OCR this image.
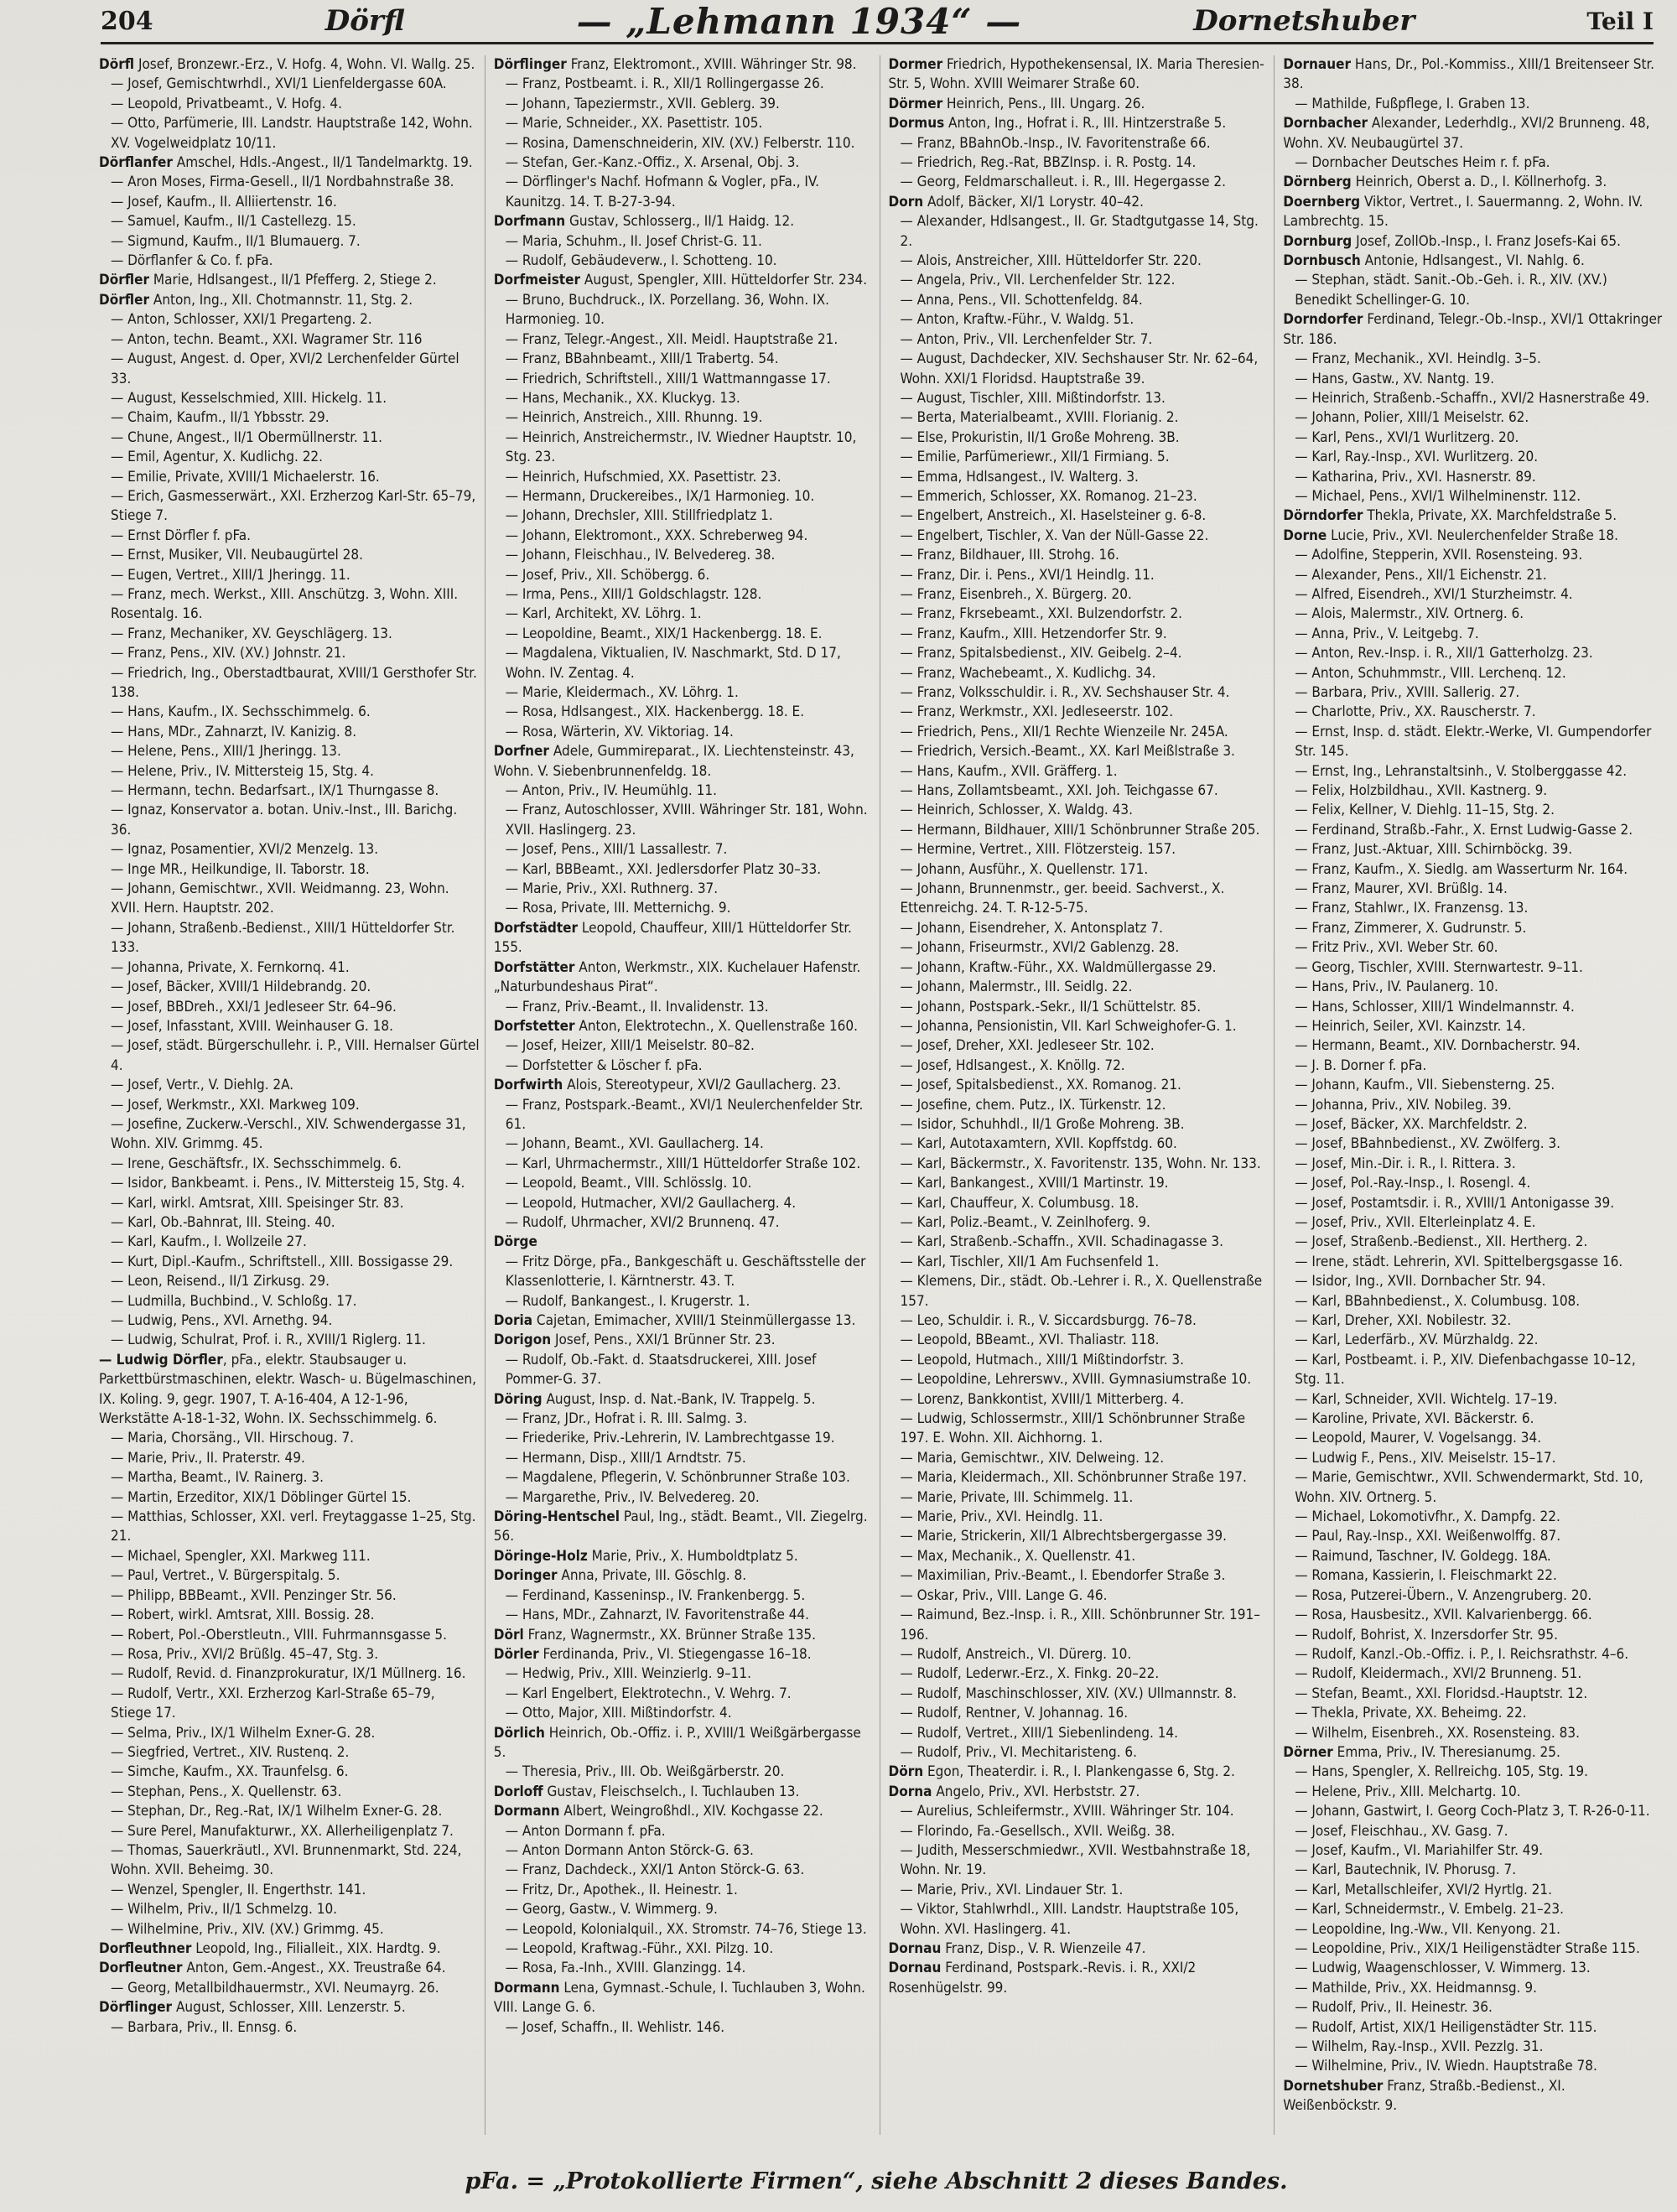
204	Dörfl	— „Lehmann 1934“ —	Dornetshuber	Teil I

Dörfl Josef, Bronzewr.-Erz., V. Hofg. 4, Wohn. VI. Wallg. 25.

— Josef, Gemischtwrhdl., XVI/1 Lienfeldergasse 60A.

— Leopold, Privatbeamt., V. Hofg. 4.

— Otto, Parfümerie, III. Landstr. Hauptstraße 142, Wohn. XV. Vogelweidplatz 10/11.

Dörflanfer Amschel, Hdls.-Angest., II/1 Tandelmarktg. 19.

— Aron Moses, Firma-Gesell., II/1 Nordbahnstraße 38.

— Josef, Kaufm., II. Alliiertenstr. 16.

— Samuel, Kaufm., II/1 Castellezg. 15.

— Sigmund, Kaufm., II/1 Blumauerg. 7.

— Dörflanfer & Co. f. pFa.

Dörfler Marie, Hdlsangest., II/1 Pfefferg. 2, Stiege 2.

Dörfler Anton, Ing., XII. Chotmannstr. 11, Stg. 2.

— Anton, Schlosser, XXI/1 Pregarteng. 2.

— Anton, techn. Beamt., XXI. Wagramer Str. 116

— August, Angest. d. Oper, XVI/2 Lerchenfelder Gürtel 33.

— August, Kesselschmied, XIII. Hickelg. 11.

— Chaim, Kaufm., II/1 Ybbsstr. 29.

— Chune, Angest., II/1 Obermüllnerstr. 11.

— Emil, Agentur, X. Kudlichg. 22.

— Emilie, Private, XVIII/1 Michaelerstr. 16.

— Erich, Gasmesserwärt., XXI. Erzherzog Karl-Str. 65–79, Stiege 7.

— Ernst Dörfler f. pFa.

— Ernst, Musiker, VII. Neubaugürtel 28.

— Eugen, Vertret., XIII/1 Jheringg. 11.

— Franz, mech. Werkst., XIII. Anschützg. 3, Wohn. XIII. Rosentalg. 16.

— Franz, Mechaniker, XV. Geyschlägerg. 13.

— Franz, Pens., XIV. (XV.) Johnstr. 21.

— Friedrich, Ing., Oberstadtbaurat, XVIII/1 Gersthofer Str. 138.

— Hans, Kaufm., IX. Sechsschimmelg. 6.

— Hans, MDr., Zahnarzt, IV. Kanizig. 8.

— Helene, Pens., XIII/1 Jheringg. 13.

— Helene, Priv., IV. Mittersteig 15, Stg. 4.

— Hermann, techn. Bedarfsart., IX/1 Thurngasse 8.

— Ignaz, Konservator a. botan. Univ.-Inst., III. Barichg. 36.

— Ignaz, Posamentier, XVI/2 Menzelg. 13.

— Inge MR., Heilkundige, II. Taborstr. 18.

— Johann, Gemischtwr., XVII. Weidmanng. 23, Wohn. XVII. Hern. Hauptstr. 202.

— Johann, Straßenb.-Bedienst., XIII/1 Hütteldorfer Str. 133.

— Johanna, Private, X. Fernkornq. 41.

— Josef, Bäcker, XVIII/1 Hildebrandg. 20.

— Josef, BBDreh., XXI/1 Jedleseer Str. 64–96.

— Josef, Infasstant, XVIII. Weinhauser G. 18.

— Josef, städt. Bürgerschullehr. i. P., VIII. Hernalser Gürtel 4.

— Josef, Vertr., V. Diehlg. 2A.

— Josef, Werkmstr., XXI. Markweg 109.

— Josefine, Zuckerw.-Verschl., XIV. Schwendergasse 31, Wohn. XIV. Grimmg. 45.

— Irene, Geschäftsfr., IX. Sechsschimmelg. 6.

— Isidor, Bankbeamt. i. Pens., IV. Mittersteig 15, Stg. 4.

— Karl, wirkl. Amtsrat, XIII. Speisinger Str. 83.

— Karl, Ob.-Bahnrat, III. Steing. 40.

— Karl, Kaufm., I. Wollzeile 27.

— Kurt, Dipl.-Kaufm., Schriftstell., XIII. Bossigasse 29.

— Leon, Reisend., II/1 Zirkusg. 29.

— Ludmilla, Buchbind., V. Schloßg. 17.

— Ludwig, Pens., XVI. Arnethg. 94.

— Ludwig, Schulrat, Prof. i. R., XVIII/1 Riglerg. 11.

— Ludwig Dörfler, pFa., elektr. Staubsauger u. Parkettbürstmaschinen, elektr. Wasch- u. Bügelmaschinen, IX. Koling. 9, gegr. 1907, T. A-16-404, A 12-1-96, Werkstätte A-18-1-32, Wohn. IX. Sechsschimmelg. 6.

— Maria, Chorsäng., VII. Hirschoug. 7.

— Marie, Priv., II. Praterstr. 49.

— Martha, Beamt., IV. Rainerg. 3.

— Martin, Erzeditor, XIX/1 Döblinger Gürtel 15.

— Matthias, Schlosser, XXI. verl. Freytaggasse 1–25, Stg. 21.

— Michael, Spengler, XXI. Markweg 111.

— Paul, Vertret., V. Bürgerspitalg. 5.

— Philipp, BBBeamt., XVII. Penzinger Str. 56.

— Robert, wirkl. Amtsrat, XIII. Bossig. 28.

— Robert, Pol.-Oberstleutn., VIII. Fuhrmannsgasse 5.

— Rosa, Priv., XVI/2 Brüßlg. 45–47, Stg. 3.

— Rudolf, Revid. d. Finanzprokuratur, IX/1 Müllnerg. 16.

— Rudolf, Vertr., XXI. Erzherzog Karl-Straße 65–79, Stiege 17.

— Selma, Priv., IX/1 Wilhelm Exner-G. 28.

— Siegfried, Vertret., XIV. Rustenq. 2.

— Simche, Kaufm., XX. Traunfelsg. 6.

— Stephan, Pens., X. Quellenstr. 63.

— Stephan, Dr., Reg.-Rat, IX/1 Wilhelm Exner-G. 28.

— Sure Perel, Manufakturwr., XX. Allerheiligenplatz 7.

— Thomas, Sauerkräutl., XVI. Brunnenmarkt, Std. 224, Wohn. XVII. Beheimg. 30.

— Wenzel, Spengler, II. Engerthstr. 141.

— Wilhelm, Priv., II/1 Schmelzg. 10.

— Wilhelmine, Priv., XIV. (XV.) Grimmg. 45.

Dorfleuthner Leopold, Ing., Filialleit., XIX. Hardtg. 9.

Dorfleutner Anton, Gem.-Angest., XX. Treustraße 64.

— Georg, Metallbildhauermstr., XVI. Neumayrg. 26.

Dörflinger August, Schlosser, XIII. Lenzerstr. 5.

— Barbara, Priv., II. Ennsg. 6.

Dörflinger Franz, Elektromont., XVIII. Währinger Str. 98.

— Franz, Postbeamt. i. R., XII/1 Rollingergasse 26.

— Johann, Tapeziermstr., XVII. Geblerg. 39.

— Marie, Schneider., XX. Pasettistr. 105.

— Rosina, Damenschneiderin, XIV. (XV.) Felberstr. 110.

— Stefan, Ger.-Kanz.-Offiz., X. Arsenal, Obj. 3.

— Dörflinger's Nachf. Hofmann & Vogler, pFa., IV. Kaunitzg. 14. T. B-27-3-94.

Dorfmann Gustav, Schlosserg., II/1 Haidg. 12.

— Maria, Schuhm., II. Josef Christ-G. 11.

— Rudolf, Gebäudeverw., I. Schotteng. 10.

Dorfmeister August, Spengler, XIII. Hütteldorfer Str. 234.

— Bruno, Buchdruck., IX. Porzellang. 36, Wohn. IX. Harmonieg. 10.

— Franz, Telegr.-Angest., XII. Meidl. Hauptstraße 21.

— Franz, BBahnbeamt., XIII/1 Trabertg. 54.

— Friedrich, Schriftstell., XIII/1 Wattmanngasse 17.

— Hans, Mechanik., XX. Kluckyg. 13.

— Heinrich, Anstreich., XIII. Rhunng. 19.

— Heinrich, Anstreichermstr., IV. Wiedner Hauptstr. 10, Stg. 23.

— Heinrich, Hufschmied, XX. Pasettistr. 23.

— Hermann, Druckereibes., IX/1 Harmonieg. 10.

— Johann, Drechsler, XIII. Stillfriedplatz 1.

— Johann, Elektromont., XXX. Schreberweg 94.

— Johann, Fleischhau., IV. Belvedereg. 38.

— Josef, Priv., XII. Schöbergg. 6.

— Irma, Pens., XIII/1 Goldschlagstr. 128.

— Karl, Architekt, XV. Löhrg. 1.

— Leopoldine, Beamt., XIX/1 Hackenbergg. 18. E.

— Magdalena, Viktualien, IV. Naschmarkt, Std. D 17, Wohn. IV. Zentag. 4.

— Marie, Kleidermach., XV. Löhrg. 1.

— Rosa, Hdlsangest., XIX. Hackenbergg. 18. E.

— Rosa, Wärterin, XV. Viktoriag. 14.

Dorfner Adele, Gummireparat., IX. Liechtensteinstr. 43, Wohn. V. Siebenbrunnenfeldg. 18.

— Anton, Priv., IV. Heumühlg. 11.

— Franz, Autoschlosser, XVIII. Währinger Str. 181, Wohn. XVII. Haslingerg. 23.

— Josef, Pens., XIII/1 Lassallestr. 7.

— Karl, BBBeamt., XXI. Jedlersdorfer Platz 30–33.

— Marie, Priv., XXI. Ruthnerg. 37.

— Rosa, Private, III. Metternichg. 9.

Dorfstädter Leopold, Chauffeur, XIII/1 Hütteldorfer Str. 155.

Dorfstätter Anton, Werkmstr., XIX. Kuchelauer Hafenstr. „Naturbundeshaus Pirat“.

— Franz, Priv.-Beamt., II. Invalidenstr. 13.

Dorfstetter Anton, Elektrotechn., X. Quellenstraße 160.

— Josef, Heizer, XIII/1 Meiselstr. 80–82.

— Dorfstetter & Löscher f. pFa.

Dorfwirth Alois, Stereotypeur, XVI/2 Gaullacherg. 23.

— Franz, Postspark.-Beamt., XVI/1 Neulerchenfelder Str. 61.

— Johann, Beamt., XVI. Gaullacherg. 14.

— Karl, Uhrmachermstr., XIII/1 Hütteldorfer Straße 102.

— Leopold, Beamt., VIII. Schlösslg. 10.

— Leopold, Hutmacher, XVI/2 Gaullacherg. 4.

— Rudolf, Uhrmacher, XVI/2 Brunnenq. 47.

Dörge

— Fritz Dörge, pFa., Bankgeschäft u. Geschäftsstelle der Klassenlotterie, I. Kärntnerstr. 43. T.

— Rudolf, Bankangest., I. Krugerstr. 1.

Doria Cajetan, Emimacher, XVIII/1 Steinmüllergasse 13.

Dorigon Josef, Pens., XXI/1 Brünner Str. 23.

— Rudolf, Ob.-Fakt. d. Staatsdruckerei, XIII. Josef Pommer-G. 37.

Döring August, Insp. d. Nat.-Bank, IV. Trappelg. 5.

— Franz, JDr., Hofrat i. R. III. Salmg. 3.

— Friederike, Priv.-Lehrerin, IV. Lambrechtgasse 19.

— Hermann, Disp., XIII/1 Arndtstr. 75.

— Magdalene, Pflegerin, V. Schönbrunner Straße 103.

— Margarethe, Priv., IV. Belvedereg. 20.

Döring-Hentschel Paul, Ing., städt. Beamt., VII. Ziegelrg. 56.

Döringe-Holz Marie, Priv., X. Humboldtplatz 5.

Doringer Anna, Private, III. Göschlg. 8.

— Ferdinand, Kasseninsp., IV. Frankenbergg. 5.

— Hans, MDr., Zahnarzt, IV. Favoritenstraße 44.

Dörl Franz, Wagnermstr., XX. Brünner Straße 135.

Dörler Ferdinanda, Priv., VI. Stiegengasse 16–18.

— Hedwig, Priv., XIII. Weinzierlg. 9–11.

— Karl Engelbert, Elektrotechn., V. Wehrg. 7.

— Otto, Major, XIII. Mißtindorfstr. 4.

Dörlich Heinrich, Ob.-Offiz. i. P., XVIII/1 Weißgärbergasse 5.

— Theresia, Priv., III. Ob. Weißgärberstr. 20.

Dorloff Gustav, Fleischselch., I. Tuchlauben 13.

Dormann Albert, Weingroßhdl., XIV. Kochgasse 22.

— Anton Dormann f. pFa.

— Anton Dormann Anton Störck-G. 63.

— Franz, Dachdeck., XXI/1 Anton Störck-G. 63.

— Fritz, Dr., Apothek., II. Heinestr. 1.

— Georg, Gastw., V. Wimmerg. 9.

— Leopold, Kolonialquil., XX. Stromstr. 74–76, Stiege 13.

— Leopold, Kraftwag.-Führ., XXI. Pilzg. 10.

— Rosa, Fa.-Inh., XVIII. Glanzingg. 14.

Dormann Lena, Gymnast.-Schule, I. Tuchlauben 3, Wohn. VIII. Lange G. 6.

— Josef, Schaffn., II. Wehlistr. 146.

Dormer Friedrich, Hypothekensensal, IX. Maria Theresien-Str. 5, Wohn. XVIII Weimarer Straße 60.

Dörmer Heinrich, Pens., III. Ungarg. 26.

Dormus Anton, Ing., Hofrat i. R., III. Hintzerstraße 5.

— Franz, BBahnOb.-Insp., IV. Favoritenstraße 66.

— Friedrich, Reg.-Rat, BBZInsp. i. R. Postg. 14.

— Georg, Feldmarschalleut. i. R., III. Hegergasse 2.

Dorn Adolf, Bäcker, XI/1 Lorystr. 40–42.

— Alexander, Hdlsangest., II. Gr. Stadtgutgasse 14, Stg. 2.

— Alois, Anstreicher, XIII. Hütteldorfer Str. 220.

— Angela, Priv., VII. Lerchenfelder Str. 122.

— Anna, Pens., VII. Schottenfeldg. 84.

— Anton, Kraftw.-Führ., V. Waldg. 51.

— Anton, Priv., VII. Lerchenfelder Str. 7.

— August, Dachdecker, XIV. Sechshauser Str. Nr. 62–64, Wohn. XXI/1 Floridsd. Hauptstraße 39.

— August, Tischler, XIII. Mißtindorfstr. 13.

— Berta, Materialbeamt., XVIII. Florianig. 2.

— Else, Prokuristin, II/1 Große Mohreng. 3B.

— Emilie, Parfümeriewr., XII/1 Firmiang. 5.

— Emma, Hdlsangest., IV. Walterg. 3.

— Emmerich, Schlosser, XX. Romanog. 21–23.

— Engelbert, Anstreich., XI. Haselsteiner g. 6-8.

— Engelbert, Tischler, X. Van der Nüll-Gasse 22.

— Franz, Bildhauer, III. Strohg. 16.

— Franz, Dir. i. Pens., XVI/1 Heindlg. 11.

— Franz, Eisenbreh., X. Bürgerg. 20.

— Franz, Fkrsebeamt., XXI. Bulzendorfstr. 2.

— Franz, Kaufm., XIII. Hetzendorfer Str. 9.

— Franz, Spitalsbedienst., XIV. Geibelg. 2–4.

— Franz, Wachebeamt., X. Kudlichg. 34.

— Franz, Volksschuldir. i. R., XV. Sechshauser Str. 4.

— Franz, Werkmstr., XXI. Jedleseerstr. 102.

— Friedrich, Pens., XII/1 Rechte Wienzeile Nr. 245A.

— Friedrich, Versich.-Beamt., XX. Karl Meißlstraße 3.

— Hans, Kaufm., XVII. Gräfferg. 1.

— Hans, Zollamtsbeamt., XXI. Joh. Teichgasse 67.

— Heinrich, Schlosser, X. Waldg. 43.

— Hermann, Bildhauer, XIII/1 Schönbrunner Straße 205.

— Hermine, Vertret., XIII. Flötzersteig. 157.

— Johann, Ausführ., X. Quellenstr. 171.

— Johann, Brunnenmstr., ger. beeid. Sachverst., X. Ettenreichg. 24. T. R-12-5-75.

— Johann, Eisendreher, X. Antonsplatz 7.

— Johann, Friseurmstr., XVI/2 Gablenzg. 28.

— Johann, Kraftw.-Führ., XX. Waldmüllergasse 29.

— Johann, Malermstr., III. Seidlg. 22.

— Johann, Postspark.-Sekr., II/1 Schüttelstr. 85.

— Johanna, Pensionistin, VII. Karl Schweighofer-G. 1.

— Josef, Dreher, XXI. Jedleseer Str. 102.

— Josef, Hdlsangest., X. Knöllg. 72.

— Josef, Spitalsbedienst., XX. Romanog. 21.

— Josefine, chem. Putz., IX. Türkenstr. 12.

— Isidor, Schuhhdl., II/1 Große Mohreng. 3B.

— Karl, Autotaxamtern, XVII. Kopffstdg. 60.

— Karl, Bäckermstr., X. Favoritenstr. 135, Wohn. Nr. 133.

— Karl, Bankangest., XVIII/1 Martinstr. 19.

— Karl, Chauffeur, X. Columbusg. 18.

— Karl, Poliz.-Beamt., V. Zeinlhoferg. 9.

— Karl, Straßenb.-Schaffn., XVII. Schadinagasse 3.

— Karl, Tischler, XII/1 Am Fuchsenfeld 1.

— Klemens, Dir., städt. Ob.-Lehrer i. R., X. Quellenstraße 157.

— Leo, Schuldir. i. R., V. Siccardsburgg. 76–78.

— Leopold, BBeamt., XVI. Thaliastr. 118.

— Leopold, Hutmach., XIII/1 Mißtindorfstr. 3.

— Leopoldine, Lehrerswv., XVIII. Gymnasiumstraße 10.

— Lorenz, Bankkontist, XVIII/1 Mitterberg. 4.

— Ludwig, Schlossermstr., XIII/1 Schönbrunner Straße 197. E. Wohn. XII. Aichhorng. 1.

— Maria, Gemischtwr., XIV. Delweing. 12.

— Maria, Kleidermach., XII. Schönbrunner Straße 197.

— Marie, Private, III. Schimmelg. 11.

— Marie, Priv., XVI. Heindlg. 11.

— Marie, Strickerin, XII/1 Albrechtsbergergasse 39.

— Max, Mechanik., X. Quellenstr. 41.

— Maximilian, Priv.-Beamt., I. Ebendorfer Straße 3.

— Oskar, Priv., VIII. Lange G. 46.

— Raimund, Bez.-Insp. i. R., XIII. Schönbrunner Str. 191–196.

— Rudolf, Anstreich., VI. Dürerg. 10.

— Rudolf, Lederwr.-Erz., X. Finkg. 20–22.

— Rudolf, Maschinschlosser, XIV. (XV.) Ullmannstr. 8.

— Rudolf, Rentner, V. Johannag. 16.

— Rudolf, Vertret., XIII/1 Siebenlindeng. 14.

— Rudolf, Priv., VI. Mechitaristeng. 6.

Dörn Egon, Theaterdir. i. R., I. Plankengasse 6, Stg. 2.

Dorna Angelo, Priv., XVI. Herbststr. 27.

— Aurelius, Schleifermstr., XVIII. Währinger Str. 104.

— Florindo, Fa.-Gesellsch., XVII. Weißg. 38.

— Judith, Messerschmiedwr., XVII. Westbahnstraße 18, Wohn. Nr. 19.

— Marie, Priv., XVI. Lindauer Str. 1.

— Viktor, Stahlwrhdl., XIII. Landstr. Hauptstraße 105, Wohn. XVI. Haslingerg. 41.

Dornau Franz, Disp., V. R. Wienzeile 47.

Dornau Ferdinand, Postspark.-Revis. i. R., XXI/2 Rosenhügelstr. 99.

Dornauer Hans, Dr., Pol.-Kommiss., XIII/1 Breitenseer Str. 38.

— Mathilde, Fußpflege, I. Graben 13.

Dornbacher Alexander, Lederhdlg., XVI/2 Brunneng. 48, Wohn. XV. Neubaugürtel 37.

— Dornbacher Deutsches Heim r. f. pFa.

Dörnberg Heinrich, Oberst a. D., I. Köllnerhofg. 3.

Doernberg Viktor, Vertret., I. Sauermanng. 2, Wohn. IV. Lambrechtg. 15.

Dornburg Josef, ZollOb.-Insp., I. Franz Josefs-Kai 65.

Dornbusch Antonie, Hdlsangest., VI. Nahlg. 6.

— Stephan, städt. Sanit.-Ob.-Geh. i. R., XIV. (XV.) Benedikt Schellinger-G. 10.

Dorndorfer Ferdinand, Telegr.-Ob.-Insp., XVI/1 Ottakringer Str. 186.

— Franz, Mechanik., XVI. Heindlg. 3–5.

— Hans, Gastw., XV. Nantg. 19.

— Heinrich, Straßenb.-Schaffn., XVI/2 Hasnerstraße 49.

— Johann, Polier, XIII/1 Meiselstr. 62.

— Karl, Pens., XVI/1 Wurlitzerg. 20.

— Karl, Ray.-Insp., XVI. Wurlitzerg. 20.

— Katharina, Priv., XVI. Hasnerstr. 89.

— Michael, Pens., XVI/1 Wilhelminenstr. 112.

Dörndorfer Thekla, Private, XX. Marchfeldstraße 5.

Dorne Lucie, Priv., XVI. Neulerchenfelder Straße 18.

— Adolfine, Stepperin, XVII. Rosensteing. 93.

— Alexander, Pens., XII/1 Eichenstr. 21.

— Alfred, Eisendreh., XVI/1 Sturzheimstr. 4.

— Alois, Malermstr., XIV. Ortnerg. 6.

— Anna, Priv., V. Leitgebg. 7.

— Anton, Rev.-Insp. i. R., XII/1 Gatterholzg. 23.

— Anton, Schuhmmstr., VIII. Lerchenq. 12.

— Barbara, Priv., XVIII. Sallerig. 27.

— Charlotte, Priv., XX. Rauscherstr. 7.

— Ernst, Insp. d. städt. Elektr.-Werke, VI. Gumpendorfer Str. 145.

— Ernst, Ing., Lehranstaltsinh., V. Stolberggasse 42.

— Felix, Holzbildhau., XVII. Kastnerg. 9.

— Felix, Kellner, V. Diehlg. 11–15, Stg. 2.

— Ferdinand, Straßb.-Fahr., X. Ernst Ludwig-Gasse 2.

— Franz, Just.-Aktuar, XIII. Schirnböckg. 39.

— Franz, Kaufm., X. Siedlg. am Wasserturm Nr. 164.

— Franz, Maurer, XVI. Brüßlg. 14.

— Franz, Stahlwr., IX. Franzensg. 13.

— Franz, Zimmerer, X. Gudrunstr. 5.

— Fritz Priv., XVI. Weber Str. 60.

— Georg, Tischler, XVIII. Sternwartestr. 9–11.

— Hans, Priv., IV. Paulanerg. 10.

— Hans, Schlosser, XIII/1 Windelmannstr. 4.

— Heinrich, Seiler, XVI. Kainzstr. 14.

— Hermann, Beamt., XIV. Dornbacherstr. 94.

— J. B. Dorner f. pFa.

— Johann, Kaufm., VII. Siebensterng. 25.

— Johanna, Priv., XIV. Nobileg. 39.

— Josef, Bäcker, XX. Marchfeldstr. 2.

— Josef, BBahnbedienst., XV. Zwölferg. 3.

— Josef, Min.-Dir. i. R., I. Rittera. 3.

— Josef, Pol.-Ray.-Insp., I. Rosengl. 4.

— Josef, Postamtsdir. i. R., XVIII/1 Antonigasse 39.

— Josef, Priv., XVII. Elterleinplatz 4. E.

— Josef, Straßenb.-Bedienst., XII. Hertherg. 2.

— Irene, städt. Lehrerin, XVI. Spittelbergsgasse 16.

— Isidor, Ing., XVII. Dornbacher Str. 94.

— Karl, BBahnbedienst., X. Columbusg. 108.

— Karl, Dreher, XXI. Nobilestr. 32.

— Karl, Lederfärb., XV. Mürzhaldg. 22.

— Karl, Postbeamt. i. P., XIV. Diefenbachgasse 10–12, Stg. 11.

— Karl, Schneider, XVII. Wichtelg. 17–19.

— Karoline, Private, XVI. Bäckerstr. 6.

— Leopold, Maurer, V. Vogelsangg. 34.

— Ludwig F., Pens., XIV. Meiselstr. 15–17.

— Marie, Gemischtwr., XVII. Schwendermarkt, Std. 10, Wohn. XIV. Ortnerg. 5.

— Michael, Lokomotivfhr., X. Dampfg. 22.

— Paul, Ray.-Insp., XXI. Weißenwolffg. 87.

— Raimund, Taschner, IV. Goldegg. 18A.

— Romana, Kassierin, I. Fleischmarkt 22.

— Rosa, Putzerei-Übern., V. Anzengruberg. 20.

— Rosa, Hausbesitz., XVII. Kalvarienbergg. 66.

— Rudolf, Bohrist, X. Inzersdorfer Str. 95.

— Rudolf, Kanzl.-Ob.-Offiz. i. P., I. Reichsrathstr. 4–6.

— Rudolf, Kleidermach., XVI/2 Brunneng. 51.

— Stefan, Beamt., XXI. Floridsd.-Hauptstr. 12.

— Thekla, Private, XX. Beheimg. 22.

— Wilhelm, Eisenbreh., XX. Rosensteing. 83.

Dörner Emma, Priv., IV. Theresianumg. 25.

— Hans, Spengler, X. Rellreichg. 105, Stg. 19.

— Helene, Priv., XIII. Melchartg. 10.

— Johann, Gastwirt, I. Georg Coch-Platz 3, T. R-26-0-11.

— Josef, Fleischhau., XV. Gasg. 7.

— Josef, Kaufm., VI. Mariahilfer Str. 49.

— Karl, Bautechnik, IV. Phorusg. 7.

— Karl, Metallschleifer, XVI/2 Hyrtlg. 21.

— Karl, Schneidermstr., V. Embelg. 21–23.

— Leopoldine, Ing.-Ww., VII. Kenyong. 21.

— Leopoldine, Priv., XIX/1 Heiligenstädter Straße 115.

— Ludwig, Waagenschlosser, V. Wimmerg. 13.

— Mathilde, Priv., XX. Heidmannsg. 9.

— Rudolf, Priv., II. Heinestr. 36.

— Rudolf, Artist, XIX/1 Heiligenstädter Str. 115.

— Wilhelm, Ray.-Insp., XVII. Pezzlg. 31.

— Wilhelmine, Priv., IV. Wiedn. Hauptstraße 78.

Dornetshuber Franz, Straßb.-Bedienst., XI. Weißenböckstr. 9.

pFa. = „Protokollierte Firmen“, siehe Abschnitt 2 dieses Bandes.
